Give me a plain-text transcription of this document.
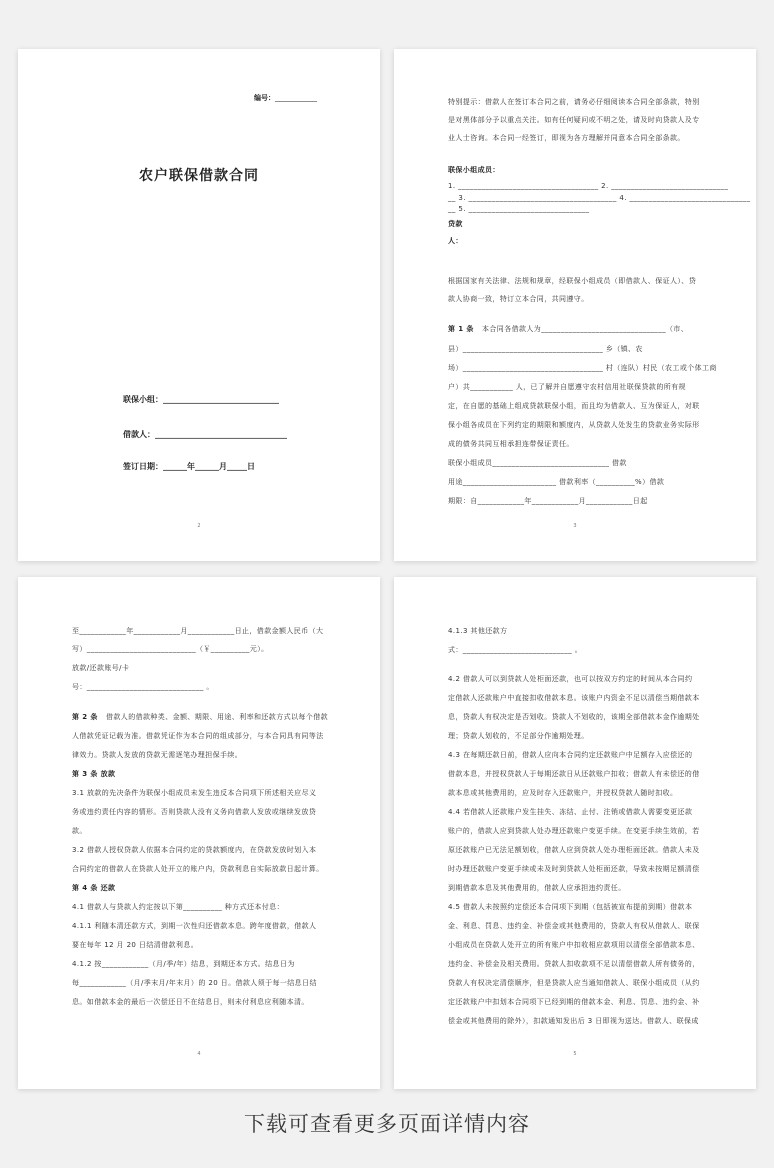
编号：____________
农户联保借款合同
联保小组：_____________________________
借款人：_________________________________
签订日期：______年______月_____日
2	3
特别提示：借款人在签订本合同之前，请务必仔细阅读本合同全部条款，特别
是对黑体部分予以重点关注。如有任何疑问或不明之处，请及时向贷款人及专
业人士咨询。本合同一经签订，即视为各方理解并同意本合同全部条款。
联保小组成员：
1. ____________________________________ 2. ______________________________
__ 3. ______________________________________ 4. _______________________________
__ 5. _______________________________
贷款
人：
根据国家有关法律、法规和规章，经联保小组成员（即借款人、保证人）、贷
款人协商一致，特订立本合同，共同遵守。
第 1 条 本合同各借款人为________________________________（市、
县）____________________________________ 乡（镇、农
场）____________________________________ 村（连队）村民（农工或个体工商
户）共___________ 人，已了解并自愿遵守农村信用社联保贷款的所有规
定，在自愿的基础上组成贷款联保小组，而且均为借款人、互为保证人，对联
保小组各成员在下列约定的期限和额度内，从贷款人处发生的贷款业务实际形
成的债务共同互相承担连带保证责任。
联保小组成员______________________________ 借款
用途________________________ 借款利率（__________%）借款
期限：自____________年____________月____________日起
4
至____________年____________月____________日止，借款金额人民币（大
写）____________________________（￥__________元）。
放款/还款账号/卡
号：______________________________ 。
第 2 条 借款人的借款种类、金额、期限、用途、利率和还款方式以每个借款
人借款凭证记载为准。借款凭证作为本合同的组成部分，与本合同具有同等法
律效力。贷款人发放的贷款无需逐笔办理担保手续。
第 3 条 放款
3.1 放款的先决条件为联保小组成员未发生违反本合同项下所述相关应尽义
务或违约责任内容的情形。否则贷款人没有义务向借款人发放或继续发放贷
款。
3.2 借款人授权贷款人依据本合同约定的贷款额度内，在贷款发放时划入本
合同约定的借款人在贷款人处开立的账户内，贷款利息自实际放款日起计算。
第 4 条 还款
4.1 借款人与贷款人约定按以下第__________ 种方式还本付息：
4.1.1 利随本清还款方式，到期一次性归还借款本息。跨年度借款，借款人
要在每年 12 月 20 日结清借款利息。
4.1.2 按____________（月/季/年）结息，到期还本方式。结息日为
每____________（月/季末月/年末月）的 20 日。借款人须于每一结息日结
息。如借款本金的最后一次偿还日不在结息日，则未付利息应利随本清。
5
4.1.3 其他还款方
式：____________________________ 。
4.2 借款人可以到贷款人处柜面还款，也可以按双方约定的时间从本合同约
定借款人还款账户中直接扣收借款本息。该账户内资金不足以清偿当期借款本
息，贷款人有权决定是否划收。贷款人不划收的，该期全部借款本金作逾期处
理；贷款人划收的，不足部分作逾期处理。
4.3 在每期还款日前，借款人应向本合同约定还款账户中足额存入应偿还的
借款本息，并授权贷款人于每期还款日从还款账户扣收；借款人有未偿还的借
款本息或其他费用的，应及时存入还款账户，并授权贷款人随时扣收。
4.4 若借款人还款账户发生挂失、冻结、止付、注销或借款人需要变更还款
账户的，借款人应到贷款人处办理还款账户变更手续。在变更手续生效前，若
原还款账户已无法足额划收，借款人应到贷款人处办理柜面还款。借款人未及
时办理还款账户变更手续或未及时到贷款人处柜面还款，导致未按期足额清偿
到期借款本息及其他费用的，借款人应承担违约责任。
4.5 借款人未按照约定偿还本合同项下到期（包括被宣布提前到期）借款本
金、利息、罚息、违约金、补偿金或其他费用的，贷款人有权从借款人、联保
小组成员在贷款人处开立的所有账户中扣收相应款项用以清偿全部借款本息、
违约金、补偿金及相关费用。贷款人扣收款项不足以清偿借款人所有债务的，
贷款人有权决定清偿顺序，但是贷款人应当通知借款人、联保小组成员（从约
定还款账户中扣划本合同项下已经到期的借款本金、利息、罚息、违约金、补
偿金或其他费用的除外），扣款通知发出后 3 日即视为送达。借款人、联保成
下载可查看更多页面详情内容
